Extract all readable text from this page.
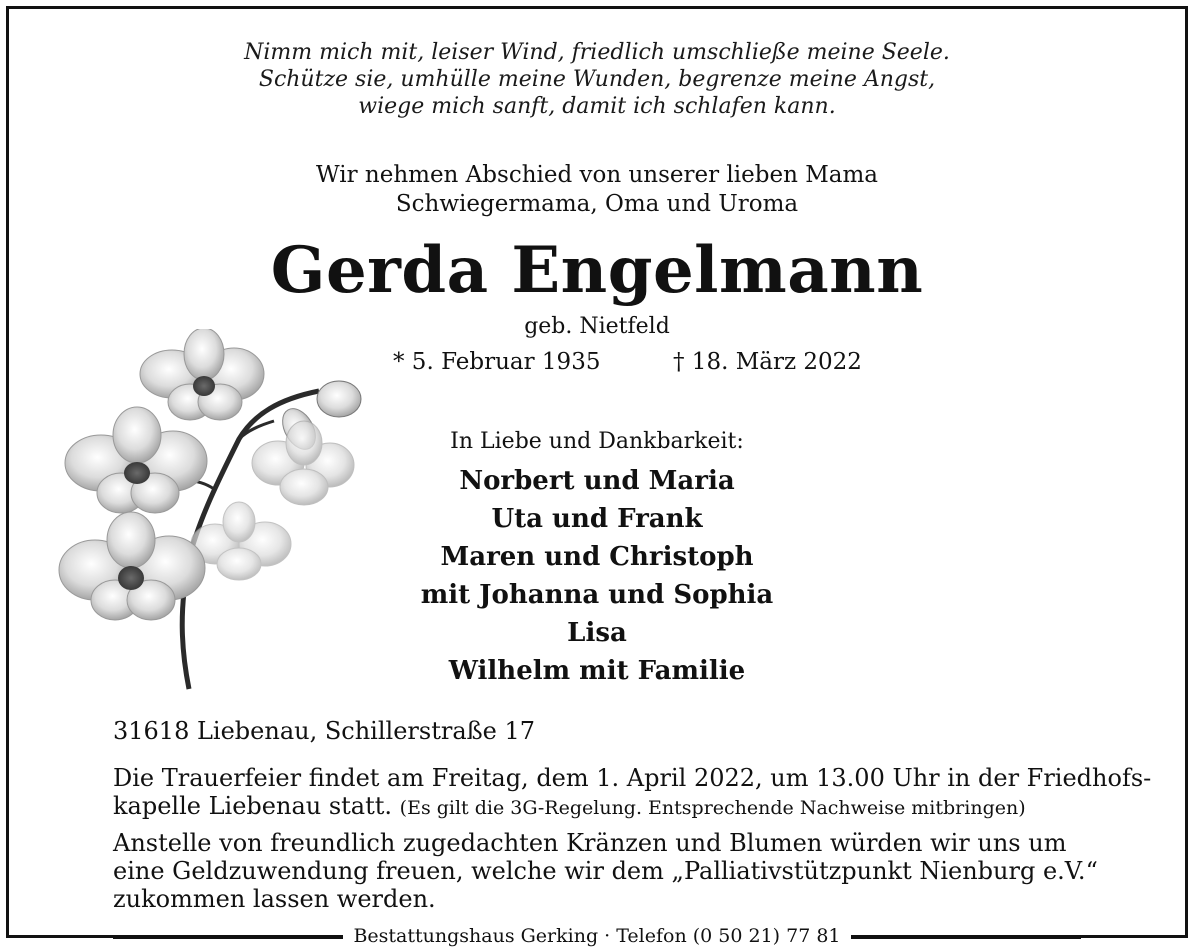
Nimm mich mit, leiser Wind, friedlich umschließe meine Seele.
Schütze sie, umhülle meine Wunden, begrenze meine Angst,
wiege mich sanft, damit ich schlafen kann.
Wir nehmen Abschied von unserer lieben Mama
Schwiegermama, Oma und Uroma
Gerda Engelmann
geb. Nietfeld
* 5. Februar 1935	† 18. März 2022
In Liebe und Dankbarkeit:
Norbert und Maria
Uta und Frank
Maren und Christoph
mit Johanna und Sophia
Lisa
Wilhelm mit Familie
31618 Liebenau, Schillerstraße 17
Die Trauerfeier findet am Freitag, dem 1. April 2022, um 13.00 Uhr in der Friedhofs-
kapelle Liebenau statt. (Es gilt die 3G-Regelung. Entsprechende Nachweise mitbringen)
Anstelle von freundlich zugedachten Kränzen und Blumen würden wir uns um
eine Geldzuwendung freuen, welche wir dem „Palliativstützpunkt Nienburg e.V.“
zukommen lassen werden.
Bestattungshaus Gerking · Telefon (0 50 21) 77 81
